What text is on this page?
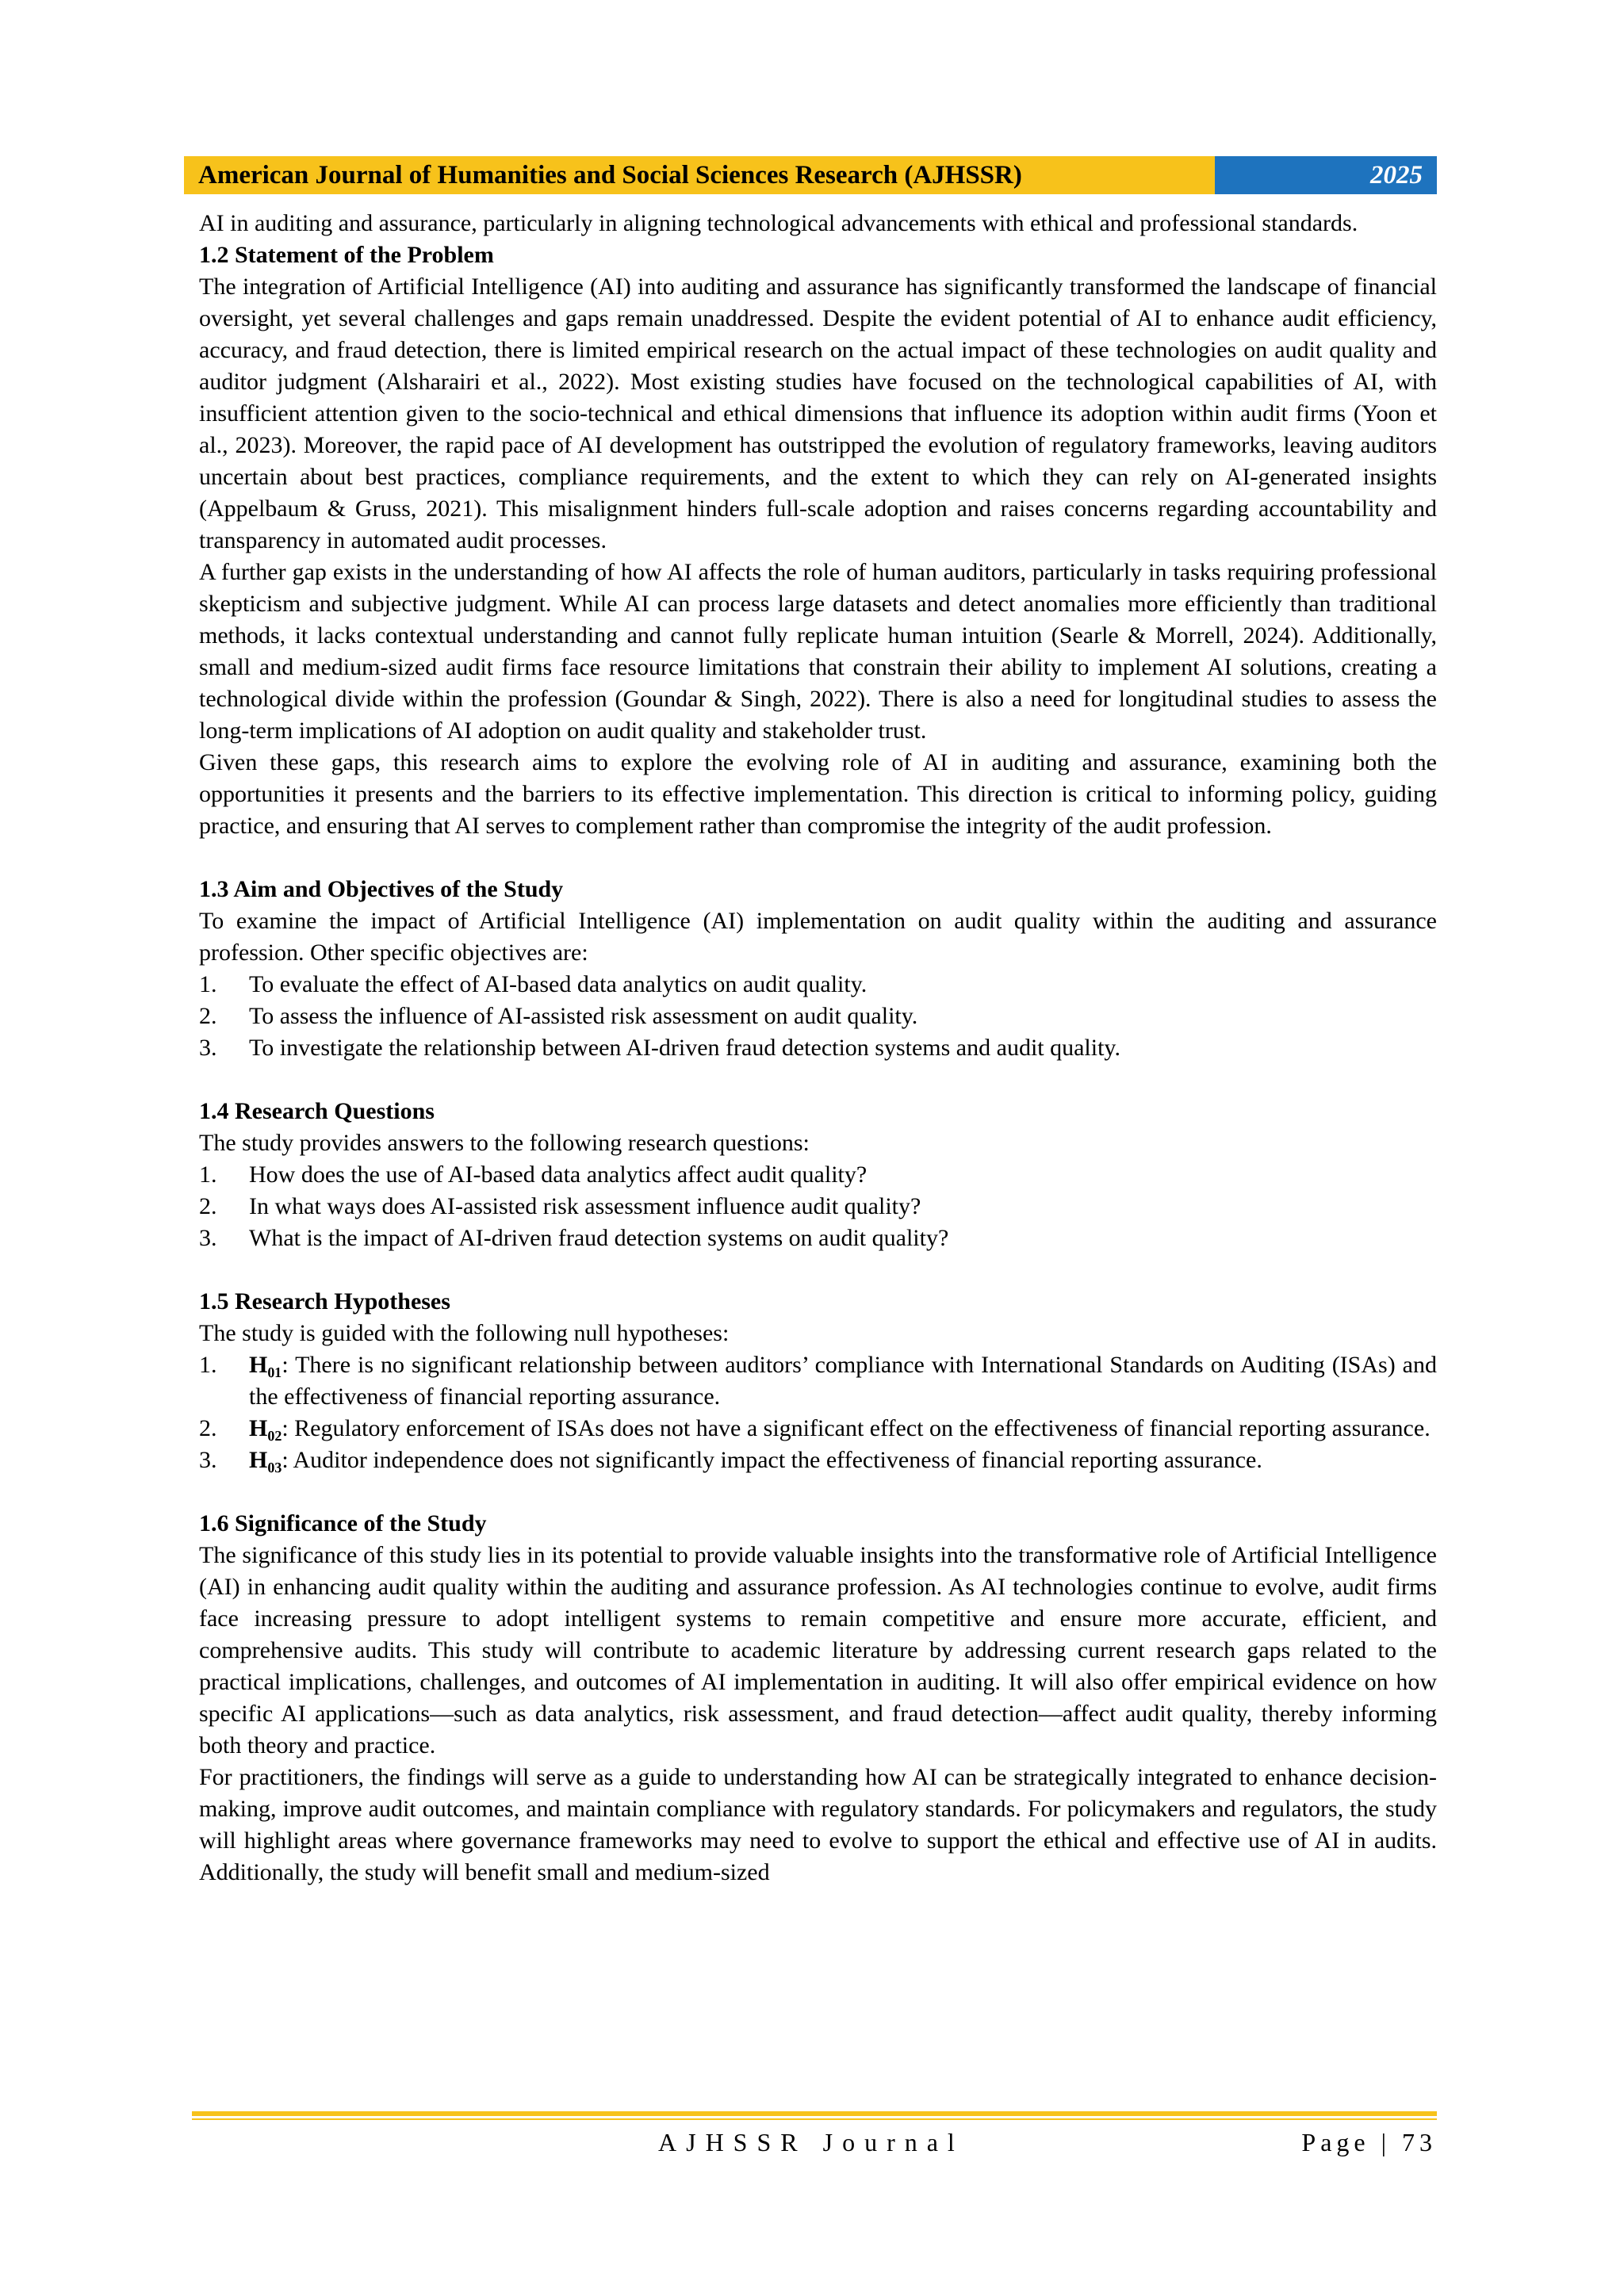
American Journal of Humanities and Social Sciences Research (AJHSSR)	2025

AI in auditing and assurance, particularly in aligning technological advancements with ethical and professional standards.

1.2 Statement of the Problem

The integration of Artificial Intelligence (AI) into auditing and assurance has significantly transformed the landscape of financial oversight, yet several challenges and gaps remain unaddressed. Despite the evident potential of AI to enhance audit efficiency, accuracy, and fraud detection, there is limited empirical research on the actual impact of these technologies on audit quality and auditor judgment (Alsharairi et al., 2022). Most existing studies have focused on the technological capabilities of AI, with insufficient attention given to the socio-technical and ethical dimensions that influence its adoption within audit firms (Yoon et al., 2023). Moreover, the rapid pace of AI development has outstripped the evolution of regulatory frameworks, leaving auditors uncertain about best practices, compliance requirements, and the extent to which they can rely on AI-generated insights (Appelbaum & Gruss, 2021). This misalignment hinders full-scale adoption and raises concerns regarding accountability and transparency in automated audit processes.

A further gap exists in the understanding of how AI affects the role of human auditors, particularly in tasks requiring professional skepticism and subjective judgment. While AI can process large datasets and detect anomalies more efficiently than traditional methods, it lacks contextual understanding and cannot fully replicate human intuition (Searle & Morrell, 2024). Additionally, small and medium-sized audit firms face resource limitations that constrain their ability to implement AI solutions, creating a technological divide within the profession (Goundar & Singh, 2022). There is also a need for longitudinal studies to assess the long-term implications of AI adoption on audit quality and stakeholder trust.

Given these gaps, this research aims to explore the evolving role of AI in auditing and assurance, examining both the opportunities it presents and the barriers to its effective implementation. This direction is critical to informing policy, guiding practice, and ensuring that AI serves to complement rather than compromise the integrity of the audit profession.

1.3 Aim and Objectives of the Study

To examine the impact of Artificial Intelligence (AI) implementation on audit quality within the auditing and assurance profession. Other specific objectives are:

1.	To evaluate the effect of AI-based data analytics on audit quality.
2.	To assess the influence of AI-assisted risk assessment on audit quality.
3.	To investigate the relationship between AI-driven fraud detection systems and audit quality.
1.4 Research Questions

The study provides answers to the following research questions:

1.	How does the use of AI-based data analytics affect audit quality?
2.	In what ways does AI-assisted risk assessment influence audit quality?
3.	What is the impact of AI-driven fraud detection systems on audit quality?
1.5 Research Hypotheses

The study is guided with the following null hypotheses:

1.	H₀₁: There is no significant relationship between auditors’ compliance with International Standards on Auditing (ISAs) and the effectiveness of financial reporting assurance.
2.	H₀₂: Regulatory enforcement of ISAs does not have a significant effect on the effectiveness of financial reporting assurance.
3.	H₀₃: Auditor independence does not significantly impact the effectiveness of financial reporting assurance.
1.6 Significance of the Study

The significance of this study lies in its potential to provide valuable insights into the transformative role of Artificial Intelligence (AI) in enhancing audit quality within the auditing and assurance profession. As AI technologies continue to evolve, audit firms face increasing pressure to adopt intelligent systems to remain competitive and ensure more accurate, efficient, and comprehensive audits. This study will contribute to academic literature by addressing current research gaps related to the practical implications, challenges, and outcomes of AI implementation in auditing. It will also offer empirical evidence on how specific AI applications—such as data analytics, risk assessment, and fraud detection—affect audit quality, thereby informing both theory and practice.

For practitioners, the findings will serve as a guide to understanding how AI can be strategically integrated to enhance decision-making, improve audit outcomes, and maintain compliance with regulatory standards. For policymakers and regulators, the study will highlight areas where governance frameworks may need to evolve to support the ethical and effective use of AI in audits. Additionally, the study will benefit small and medium-sized

AJHSSR Journal	Page | 73
